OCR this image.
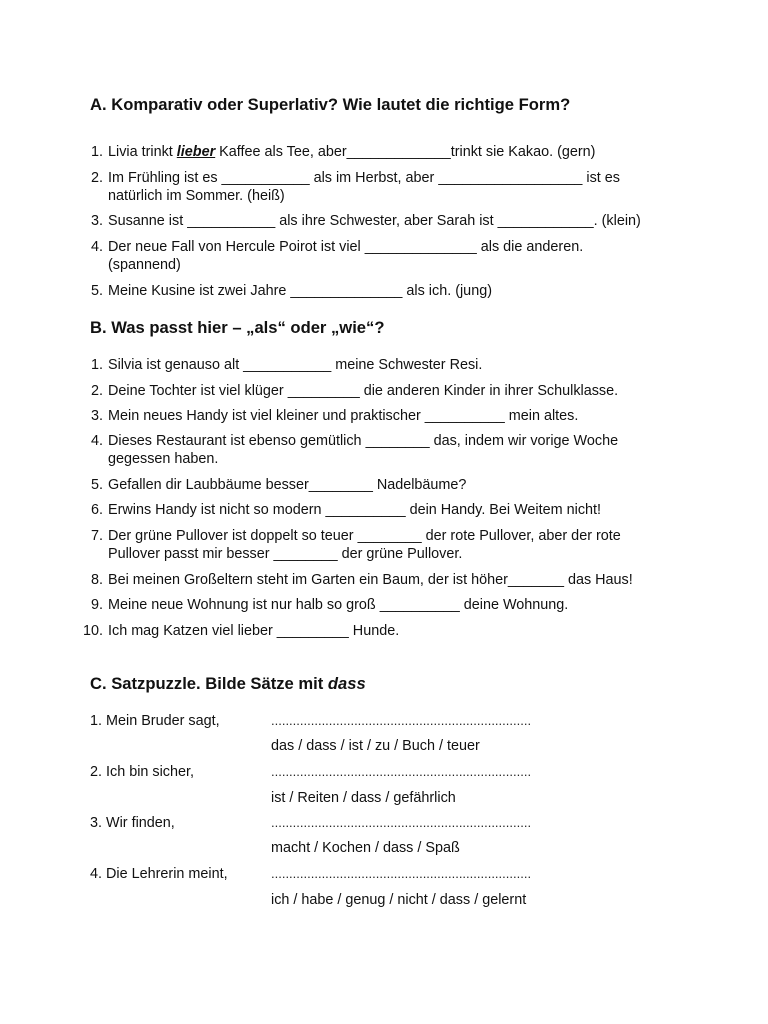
A. Komparativ oder Superlativ? Wie lautet die richtige Form?
1. Livia trinkt lieber Kaffee als Tee, aber_____________trinkt sie Kakao. (gern)
2. Im Frühling ist es ___________ als im Herbst, aber __________________ ist es
natürlich im Sommer. (heiß)
3. Susanne ist ___________ als ihre Schwester, aber Sarah ist ____________. (klein)
4. Der neue Fall von Hercule Poirot ist viel ______________ als die anderen.
(spannend)
5. Meine Kusine ist zwei Jahre ______________ als ich. (jung)
B. Was passt hier – „als“ oder „wie“?
1. Silvia ist genauso alt ___________ meine Schwester Resi.
2. Deine Tochter ist viel klüger _________ die anderen Kinder in ihrer Schulklasse.
3. Mein neues Handy ist viel kleiner und praktischer __________ mein altes.
4. Dieses Restaurant ist ebenso gemütlich ________ das, indem wir vorige Woche
gegessen haben.
5. Gefallen dir Laubbäume besser________ Nadelbäume?
6. Erwins Handy ist nicht so modern __________ dein Handy. Bei Weitem nicht!
7. Der grüne Pullover ist doppelt so teuer ________ der rote Pullover, aber der rote
Pullover passt mir besser ________ der grüne Pullover.
8. Bei meinen Großeltern steht im Garten ein Baum, der ist höher_______ das Haus!
9. Meine neue Wohnung ist nur halb so groß __________ deine Wohnung.
10. Ich mag Katzen viel lieber _________ Hunde.
C. Satzpuzzle. Bilde Sätze mit dass
1. Mein Bruder sagt,	........................................................................
das / dass / ist / zu / Buch / teuer
2. Ich bin sicher,	........................................................................
ist / Reiten / dass / gefährlich
3. Wir finden,	........................................................................
macht / Kochen / dass / Spaß
4. Die Lehrerin meint,	........................................................................
ich / habe / genug / nicht / dass / gelernt
